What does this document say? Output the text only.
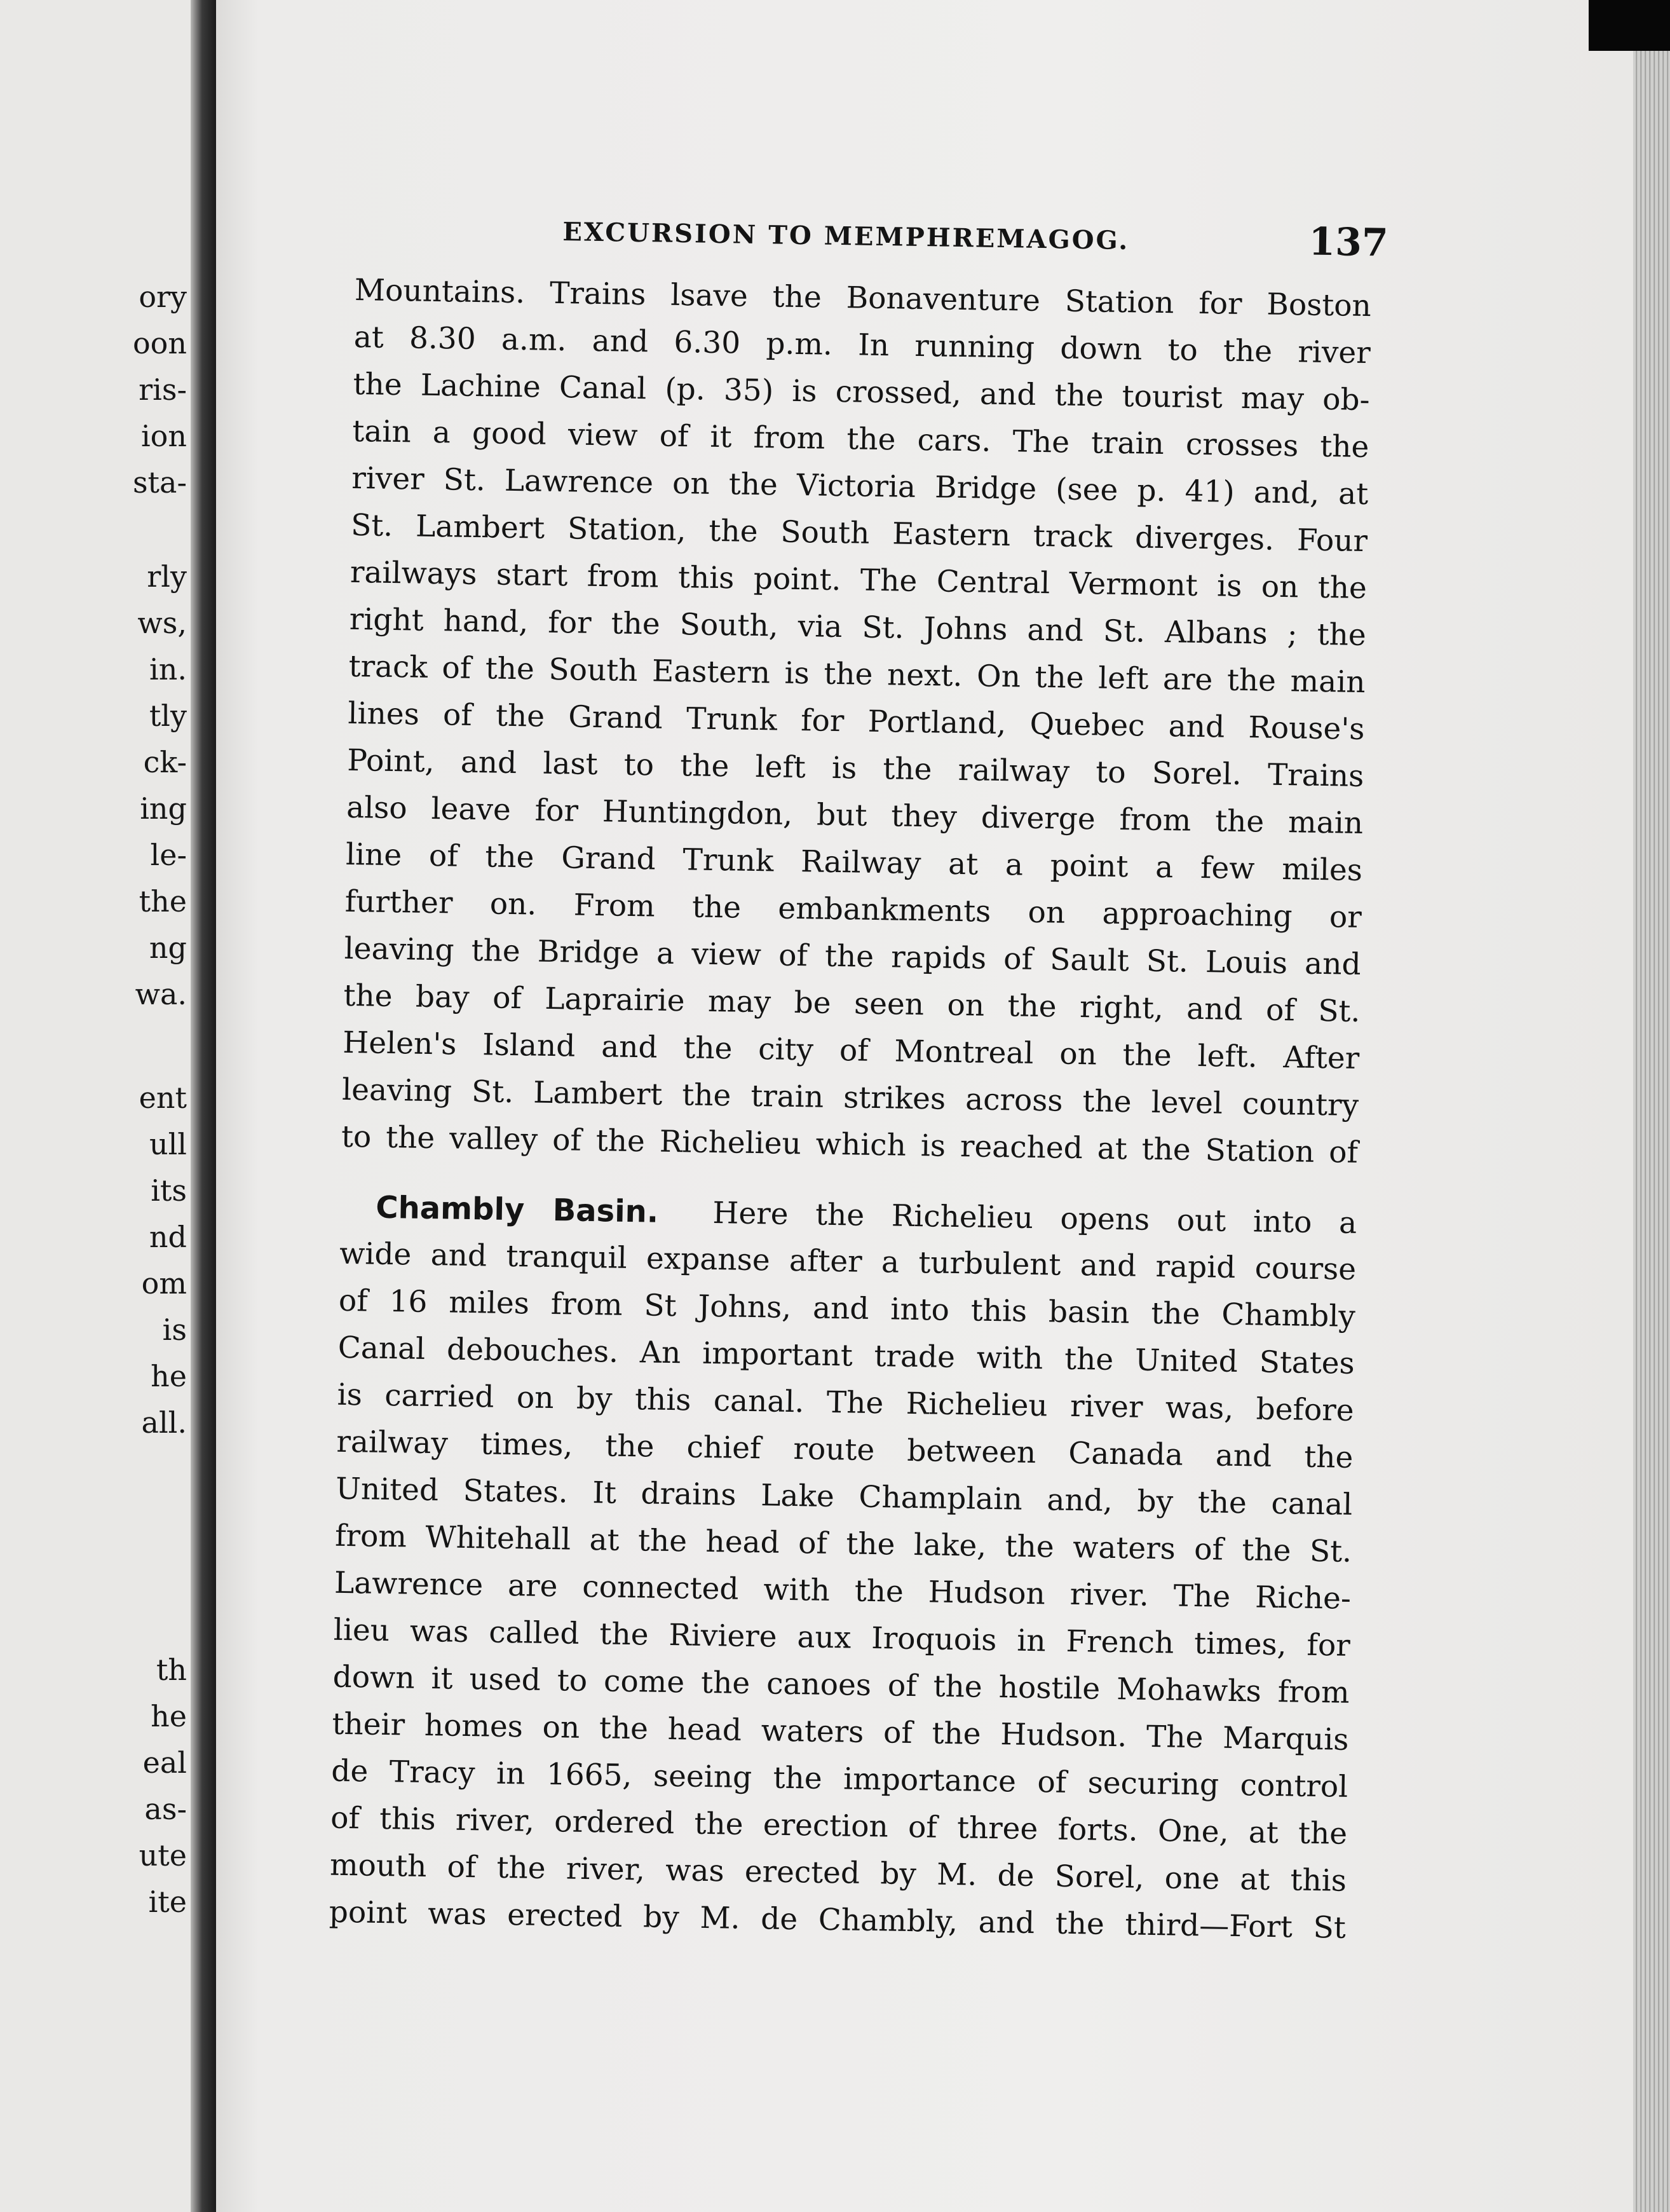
ory
oon
ris-
ion
sta-
rly
ws,
in.
tly
ck-
ing
le-
the
ng
wa.
ent
ull
its
nd
om
is
he
all.
th
he
eal
as-
ute
ite
EXCURSION TO MEMPHREMAGOG.	137
Mountains. Trains lsave the Bonaventure Station for Boston
at 8.30 a.m. and 6.30 p.m. In running down to the river
the Lachine Canal (p. 35) is crossed, and the tourist may ob-
tain a good view of it from the cars. The train crosses the
river St. Lawrence on the Victoria Bridge (see p. 41) and, at
St. Lambert Station, the South Eastern track diverges. Four
railways start from this point. The Central Vermont is on the
right hand, for the South, via St. Johns and St. Albans ; the
track of the South Eastern is the next. On the left are the main
lines of the Grand Trunk for Portland, Quebec and Rouse's
Point, and last to the left is the railway to Sorel. Trains
also leave for Huntingdon, but they diverge from the main
line of the Grand Trunk Railway at a point a few miles
further on. From the embankments on approaching or
leaving the Bridge a view of the rapids of Sault St. Louis and
the bay of Laprairie may be seen on the right, and of St.
Helen's Island and the city of Montreal on the left. After
leaving St. Lambert the train strikes across the level country
to the valley of the Richelieu which is reached at the Station of
Chambly Basin. Here the Richelieu opens out into a
wide and tranquil expanse after a turbulent and rapid course
of 16 miles from St Johns, and into this basin the Chambly
Canal debouches. An important trade with the United States
is carried on by this canal. The Richelieu river was, before
railway times, the chief route between Canada and the
United States. It drains Lake Champlain and, by the canal
from Whitehall at the head of the lake, the waters of the St.
Lawrence are connected with the Hudson river. The Riche-
lieu was called the Riviere aux Iroquois in French times, for
down it used to come the canoes of the hostile Mohawks from
their homes on the head waters of the Hudson. The Marquis
de Tracy in 1665, seeing the importance of securing control
of this river, ordered the erection of three forts. One, at the
mouth of the river, was erected by M. de Sorel, one at this
point was erected by M. de Chambly, and the third—Fort St
